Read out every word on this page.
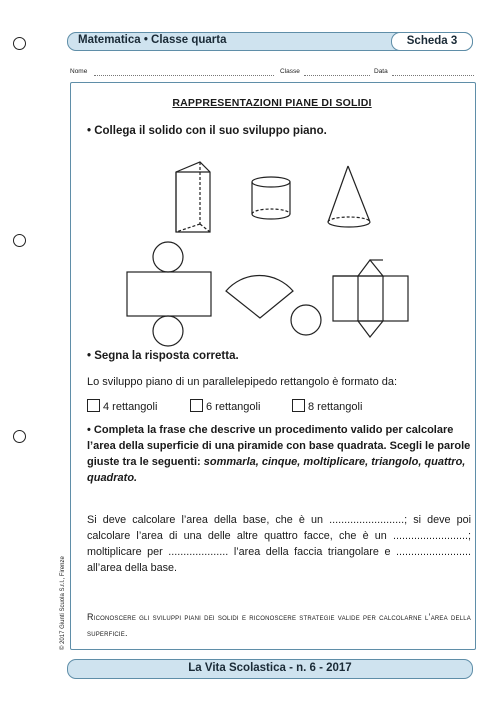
Matematica • Classe quarta	Scheda 3
Nome	Classe	Data
RAPPRESENTAZIONI PIANE DI SOLIDI
• Collega il solido con il suo sviluppo piano.
• Segna la risposta corretta.
Lo sviluppo piano di un parallelepipedo rettangolo è formato da:
4 rettangoli	6 rettangoli	8 rettangoli
• Completa la frase che descrive un procedimento valido per calcolare l’area della superficie di una piramide con base quadrata. Scegli le parole giuste tra le seguenti: sommarla, cinque, moltiplicare, triangolo, quattro, quadrato.
Si deve calcolare l’area della base, che è un .........................; si deve poi calcolare l’area di una delle altre quattro facce, che è un .........................; moltiplicare per .................... l’area della faccia triangolare e ......................... all’area della base.
Riconoscere gli sviluppi piani dei solidi e riconoscere strategie valide per calcolarne l’area della superficie.
© 2017 Giunti Scuola S.r.l., Firenze
La Vita Scolastica - n. 6 - 2017
